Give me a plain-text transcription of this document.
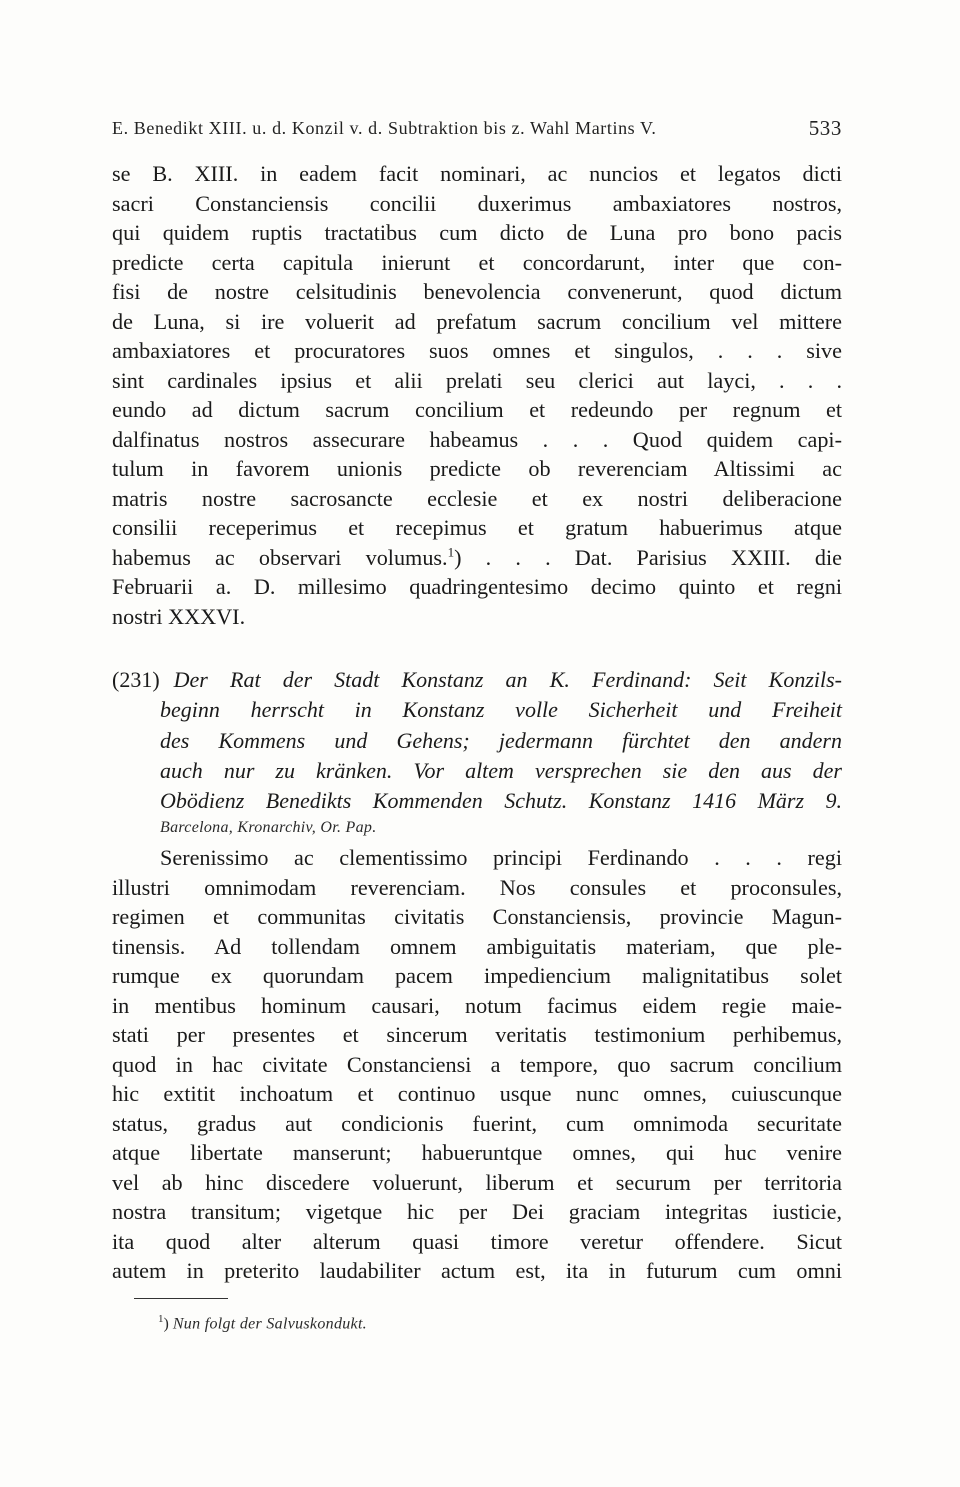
E. Benedikt XIII. u. d. Konzil v. d. Subtraktion bis z. Wahl Martins V.	533
se B. XIII. in eadem facit nominari, ac nuncios et legatos dicti
sacri Constanciensis concilii duxerimus ambaxiatores nostros,
qui quidem ruptis tractatibus cum dicto de Luna pro bono pacis
predicte certa capitula inierunt et concordarunt, inter que con-
fisi de nostre celsitudinis benevolencia convenerunt, quod dictum
de Luna, si ire voluerit ad prefatum sacrum concilium vel mittere
ambaxiatores et procuratores suos omnes et singulos, . . . sive
sint cardinales ipsius et alii prelati seu clerici aut layci, . . .
eundo ad dictum sacrum concilium et redeundo per regnum et
dalfinatus nostros assecurare habeamus . . . Quod quidem capi-
tulum in favorem unionis predicte ob reverenciam Altissimi ac
matris nostre sacrosancte ecclesie et ex nostri deliberacione
consilii receperimus et recepimus et gratum habuerimus atque
habemus ac observari volumus.$^1$) . . . Dat. Parisius XXIII. die
Februarii a. D. millesimo quadringentesimo decimo quinto et regni
nostri XXXVI.
(231) Der Rat der Stadt Konstanz an K. Ferdinand: Seit Konzils-
beginn herrscht in Konstanz volle Sicherheit und Freiheit
des Kommens und Gehens; jedermann fürchtet den andern
auch nur zu kränken. Vor altem versprechen sie den aus der
Obödienz Benedikts Kommenden Schutz. Konstanz 1416 März 9.
Barcelona, Kronarchiv, Or. Pap.
Serenissimo ac clementissimo principi Ferdinando . . . regi
illustri omnimodam reverenciam. Nos consules et proconsules,
regimen et communitas civitatis Constanciensis, provincie Magun-
tinensis. Ad tollendam omnem ambiguitatis materiam, que ple-
rumque ex quorundam pacem impediencium malignitatibus solet
in mentibus hominum causari, notum facimus eidem regie maie-
stati per presentes et sincerum veritatis testimonium perhibemus,
quod in hac civitate Constanciensi a tempore, quo sacrum concilium
hic extitit inchoatum et continuo usque nunc omnes, cuiuscunque
status, gradus aut condicionis fuerint, cum omnimoda securitate
atque libertate manserunt; habueruntque omnes, qui huc venire
vel ab hinc discedere voluerunt, liberum et securum per territoria
nostra transitum; vigetque hic per Dei graciam integritas iusticie,
ita quod alter alterum quasi timore veretur offendere. Sicut
autem in preterito laudabiliter actum est, ita in futurum cum omni
$^1$) Nun folgt der Salvuskondukt.
